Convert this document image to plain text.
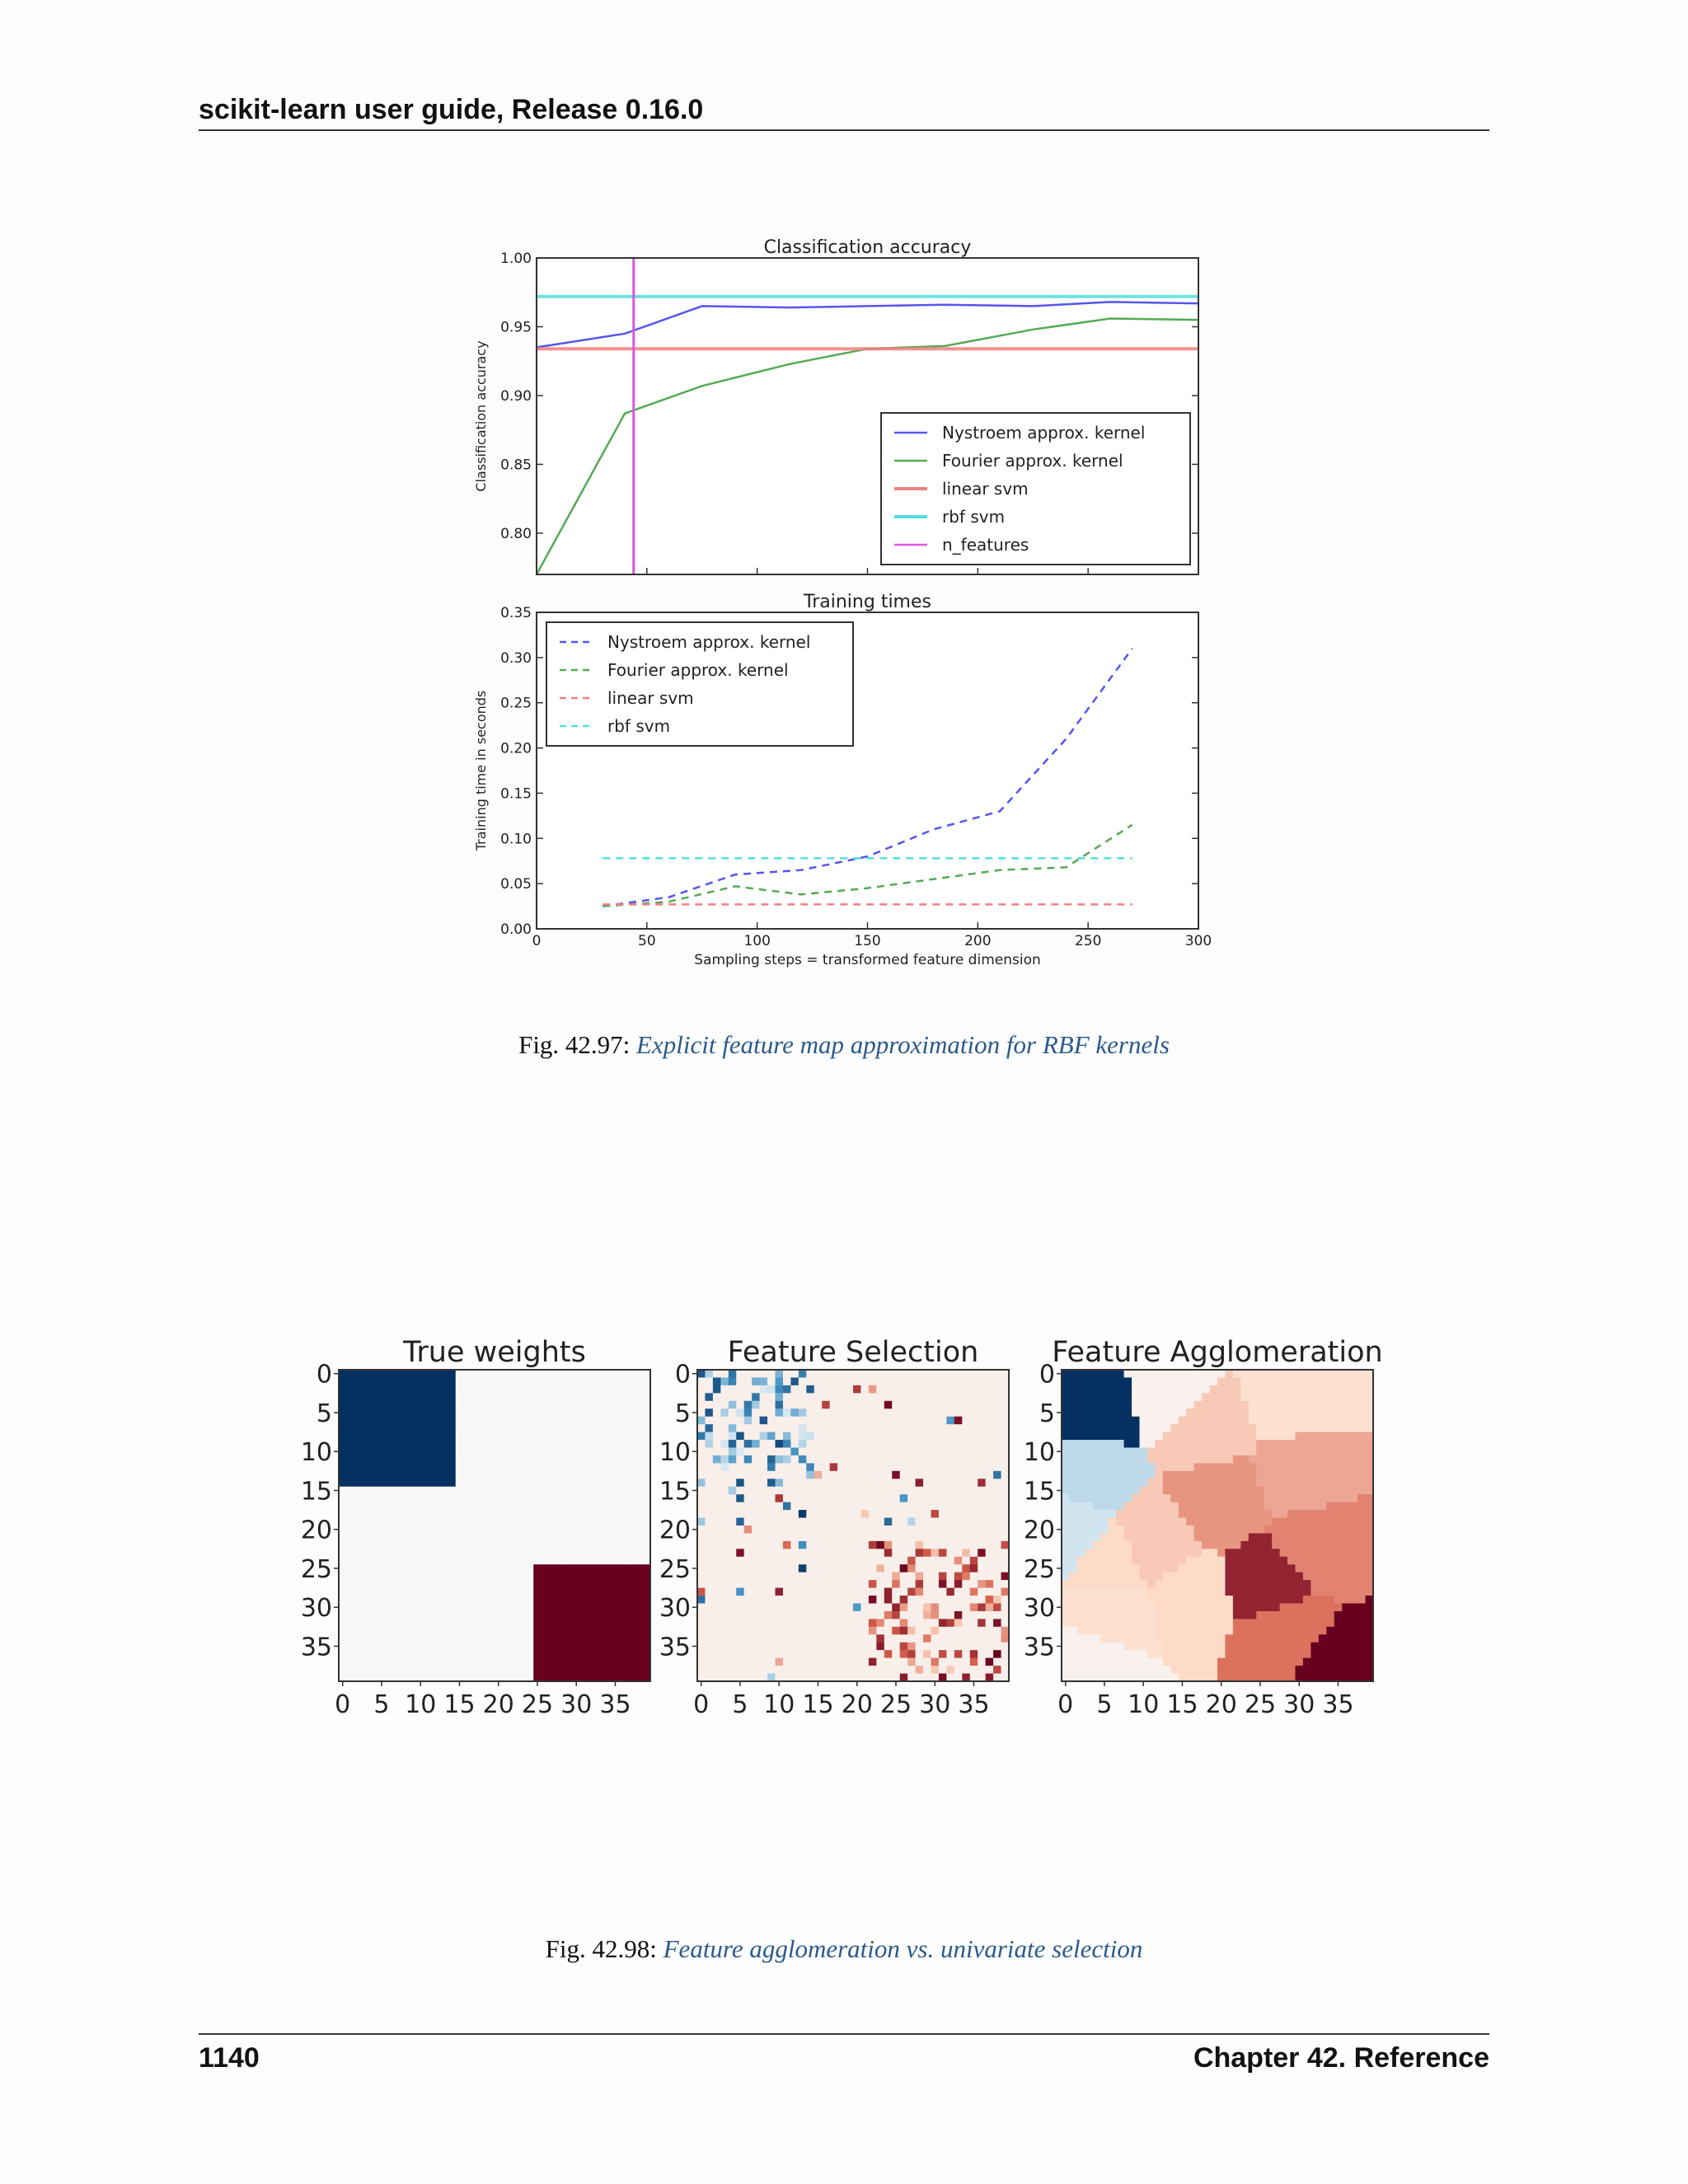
scikit-learn user guide, Release 0.16.0
Classification accuracy
0.80
0.85
0.90
0.95
1.00
Classification accuracy	Nystroem approx. kernel
Fourier approx. kernel
linear svm
rbf svm
n_features
Training times
0.00
0.05
0.10
0.15
0.20
0.25
0.30
0.35
0	50	100	150	200	250	300
Training time in seconds
Sampling steps = transformed feature dimension
Nystroem approx. kernel
Fourier approx. kernel
linear svm
rbf svm
Fig. 42.97: Explicit feature map approximation for RBF kernels
True weights
0
0
5
5
10
10
15
15
20
20
25
25
30
30
35
35
Feature Selection
0
0
5
5
10
10
15
15
20
20
25
25
30
30
35
35
Feature Agglomeration
0
0
5
5
10
10
15
15
20
20
25
25
30
30
35
35
Fig. 42.98: Feature agglomeration vs. univariate selection
1140	Chapter 42. Reference
